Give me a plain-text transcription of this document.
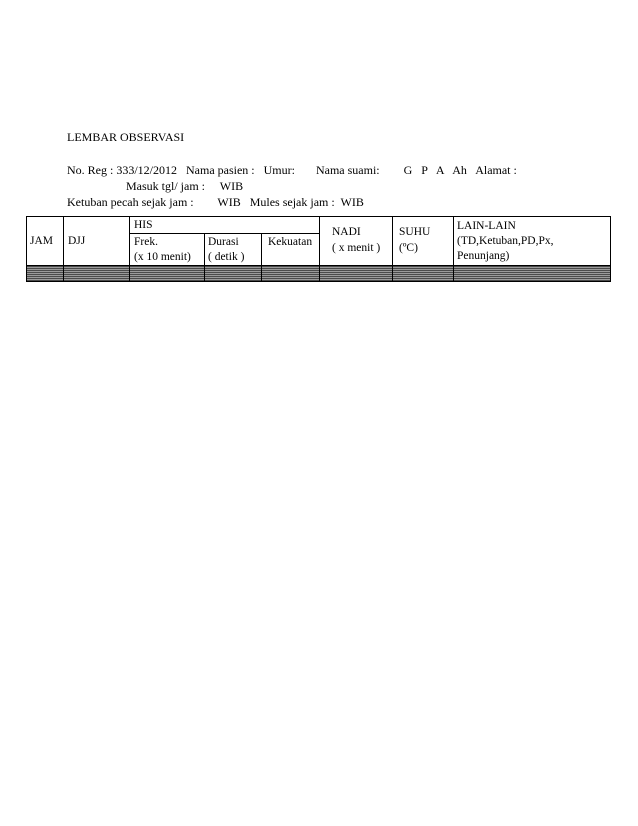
LEMBAR OBSERVASI
No. Reg : 333/12/2012   Nama pasien :   Umur:       Nama suami:        G   P   A   Ah   Alamat :
Masuk tgl/ jam :     WIB
Ketuban pecah sejak jam :        WIB   Mules sejak jam :  WIB
JAM DJJ
HIS
Frek.
(x 10 menit)
Durasi
( detik )
Kekuatan
NADI
( x menit )
SUHU
(ºC)
LAIN-LAIN
(TD,Ketuban,PD,Px,
Penunjang)
